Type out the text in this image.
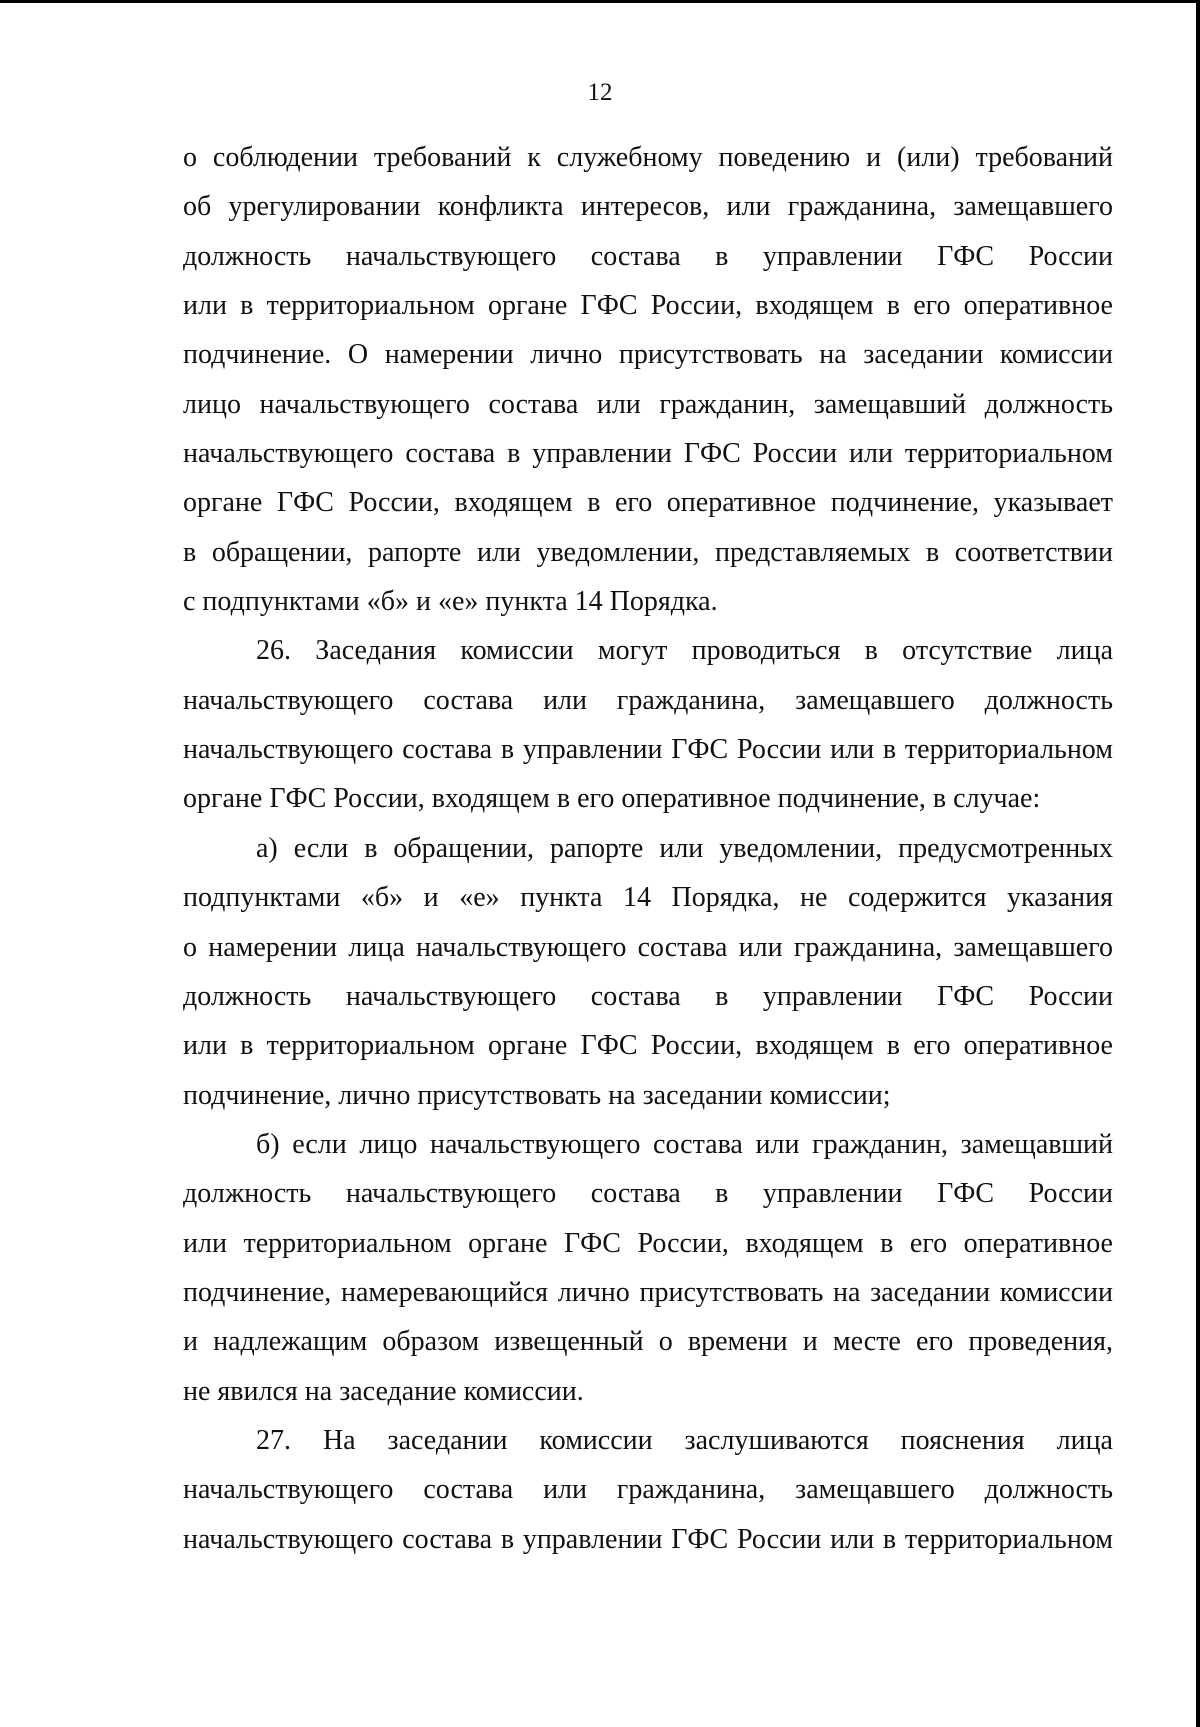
12
о соблюдении требований к служебному поведению и (или) требований
об урегулировании конфликта интересов, или гражданина, замещавшего
должность начальствующего состава в управлении ГФС России
или в территориальном органе ГФС России, входящем в его оперативное
подчинение. О намерении лично присутствовать на заседании комиссии
лицо начальствующего состава или гражданин, замещавший должность
начальствующего состава в управлении ГФС России или территориальном
органе ГФС России, входящем в его оперативное подчинение, указывает
в обращении, рапорте или уведомлении, представляемых в соответствии
с подпунктами «б» и «е» пункта 14 Порядка.
26. Заседания комиссии могут проводиться в отсутствие лица
начальствующего состава или гражданина, замещавшего должность
начальствующего состава в управлении ГФС России или в территориальном
органе ГФС России, входящем в его оперативное подчинение, в случае:
а) если в обращении, рапорте или уведомлении, предусмотренных
подпунктами «б» и «е» пункта 14 Порядка, не содержится указания
о намерении лица начальствующего состава или гражданина, замещавшего
должность начальствующего состава в управлении ГФС России
или в территориальном органе ГФС России, входящем в его оперативное
подчинение, лично присутствовать на заседании комиссии;
б) если лицо начальствующего состава или гражданин, замещавший
должность начальствующего состава в управлении ГФС России
или территориальном органе ГФС России, входящем в его оперативное
подчинение, намеревающийся лично присутствовать на заседании комиссии
и надлежащим образом извещенный о времени и месте его проведения,
не явился на заседание комиссии.
27. На заседании комиссии заслушиваются пояснения лица
начальствующего состава или гражданина, замещавшего должность
начальствующего состава в управлении ГФС России или в территориальном
